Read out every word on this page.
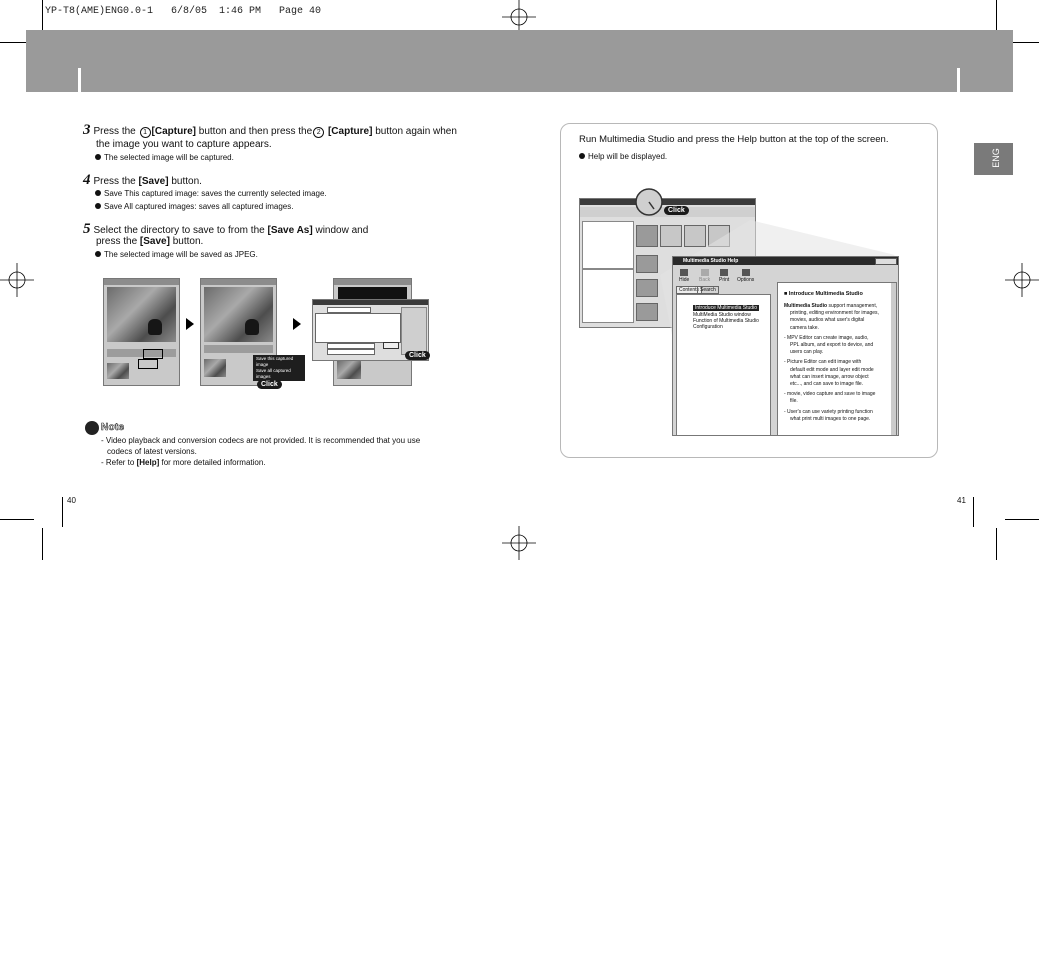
YP-T8(AME)ENG0.0-1   6/8/05  1:46 PM   Page 40
3 Press the 1 [Capture] button and then press the 2 [Capture] button again when
the image you want to capture appears.
The selected image will be captured.
4 Press the [Save] button.
Save This captured image: saves the currently selected image.
Save All captured images: saves all captured images.
5 Select the directory to save to from the [Save As] window and
press the [Save] button.
The selected image will be saved as JPEG.
Save this captured image
Save all captured images
Click
Click
Note
- Video playback and conversion codecs are not provided. It is recommended that you use
codecs of latest versions.
- Refer to [Help] for more detailed information.
40
ENG
Run Multimedia Studio and press the Help button at the top of the screen.
Help will be displayed.
Click
Multimedia Studio Help
Hide Back Print Options
Contents Search
Introduce Multimedia Studio
MultiMedia Studio window
Function of Multimedia Studio
Configuration
■ Introduce Multimedia Studio
Multimedia Studio support management,
printing, editing environment for images,
movies, audios what user's digital
camera take.
- MPV Editor can create image, audio,
PPL album, and export to device, and
users can play.
- Picture Editor can edit image with
default edit mode and layer edit mode
what can insert image, arrow object
etc..., and can save to image file.
- movie, video capture and save to image
file.
- User's can use variety printing function
what print multi images to one page.
41
